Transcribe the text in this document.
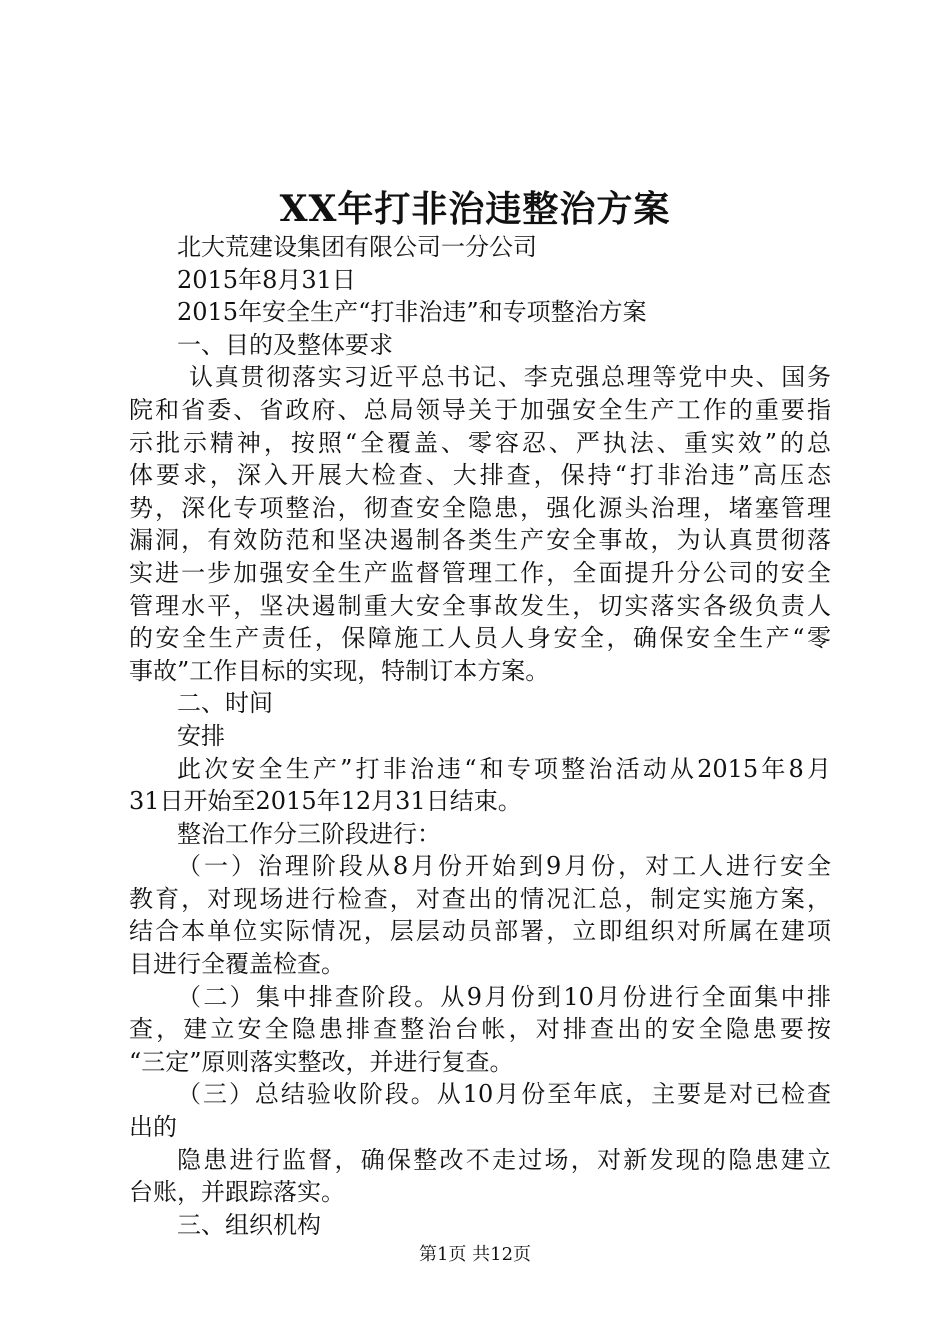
XX年打非治违整治方案
北大荒建设集团有限公司一分公司
2015年8月31日
2015年安全生产“打非治违”和专项整治方案
一、目的及整体要求
认真贯彻落实习近平总书记、李克强总理等党中央、国务
院和省委、省政府、总局领导关于加强安全生产工作的重要指
示批示精神，按照“全覆盖、零容忍、严执法、重实效”的总
体要求，深入开展大检查、大排查，保持“打非治违”高压态
势，深化专项整治，彻查安全隐患，强化源头治理，堵塞管理
漏洞，有效防范和坚决遏制各类生产安全事故，为认真贯彻落
实进一步加强安全生产监督管理工作，全面提升分公司的安全
管理水平，坚决遏制重大安全事故发生，切实落实各级负责人
的安全生产责任，保障施工人员人身安全，确保安全生产“零
事故”工作目标的实现，特制订本方案。
二、时间
安排
此次安全生产”打非治违“和专项整治活动从2015年8月
31日开始至2015年12月31日结束。
整治工作分三阶段进行：
（一）治理阶段从8月份开始到9月份，对工人进行安全
教育，对现场进行检查，对查出的情况汇总，制定实施方案，
结合本单位实际情况，层层动员部署，立即组织对所属在建项
目进行全覆盖检查。
（二）集中排查阶段。从9月份到10月份进行全面集中排
查，建立安全隐患排查整治台帐，对排查出的安全隐患要按
“三定”原则落实整改，并进行复查。
（三）总结验收阶段。从10月份至年底，主要是对已检查
出的
隐患进行监督，确保整改不走过场，对新发现的隐患建立
台账，并跟踪落实。
三、组织机构
第1页 共12页
